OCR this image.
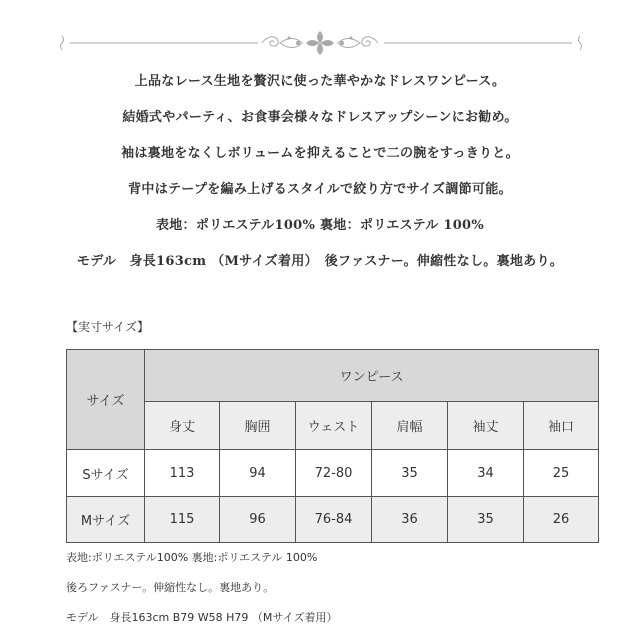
上品なレース生地を贅沢に使った華やかなドレスワンピース。
結婚式やパーティ、お食事会様々なドレスアップシーンにお勧め。
袖は裏地をなくしボリュームを抑えることで二の腕をすっきりと。
背中はテープを編み上げるスタイルで絞り方でサイズ調節可能。
表地：ポリエステル100% 裏地：ポリエステル 100%
モデル　身長163cm （Mサイズ着用）　後ファスナー。伸縮性なし。裏地あり。
【実寸サイズ】
サイズ	ワンピース					
	身丈	胸囲	ウェスト	肩幅	袖丈	袖口
Sサイズ	113	94	72-80	35	34	25
Mサイズ	115	96	76-84	36	35	26
表地:ポリエステル100% 裏地:ポリエステル 100%
後ろファスナー。伸縮性なし。裏地あり。
モデル　身長163cm B79 W58 H79 （Mサイズ着用）
